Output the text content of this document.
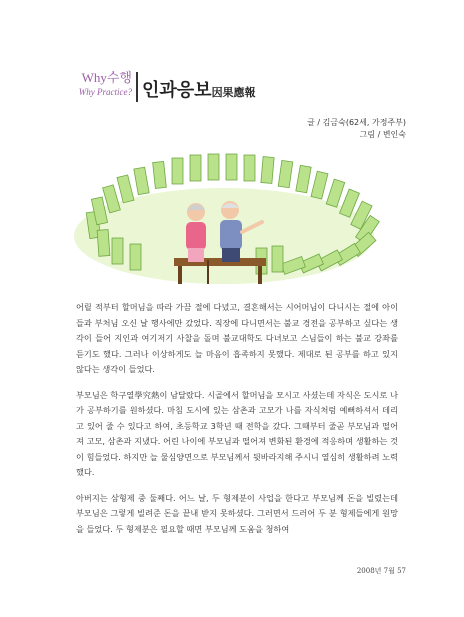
Why수행
Why Practice? 인과응보因果應報
글 / 김금숙(62세, 가정주부)
그림 / 변인숙

어릴 적부터 할머님을 따라 가끔 절에 다녔고, 결혼해서는 시어머님이 다니시는 절에 아이들과 부처님 오신 날 행사에만 갔었다. 직장에 다니면서는 불교 경전을 공부하고 싶다는 생각이 들어 지인과 여기저기 사찰을 돌며 불교대학도 다녀보고 스님들이 하는 불교 강좌를 듣기도 했다. 그러나 이상하게도 늘 마음이 흡족하지 못했다. 제대로 된 공부를 하고 있지 않다는 생각이 들었다.

부모님은 학구열學究熱이 남달랐다. 시골에서 할머님을 모시고 사셨는데 자식은 도시로 나가 공부하기를 원하셨다. 마침 도시에 있는 삼촌과 고모가 나를 자식처럼 예뻐하셔서 데리고 있어 줄 수 있다고 하여, 초등학교 3학년 때 전학을 갔다. 그때부터 줄곧 부모님과 떨어져 고모, 삼촌과 지냈다. 어린 나이에 부모님과 떨어져 변화된 환경에 적응하며 생활하는 것이 힘들었다. 하지만 늘 물심양면으로 부모님께서 뒷바라지해 주시니 열심히 생활하려 노력했다.

아버지는 삼형제 중 둘째다. 어느 날, 두 형제분이 사업을 한다고 부모님께 돈을 빌렸는데 부모님은 그렇게 빌려준 돈을 끝내 받지 못하셨다. 그러면서 드러어 두 분 형제들에게 원망을 들었다. 두 형제분은 필요할 때면 부모님께 도움을 청하여

2008년 7월 57
